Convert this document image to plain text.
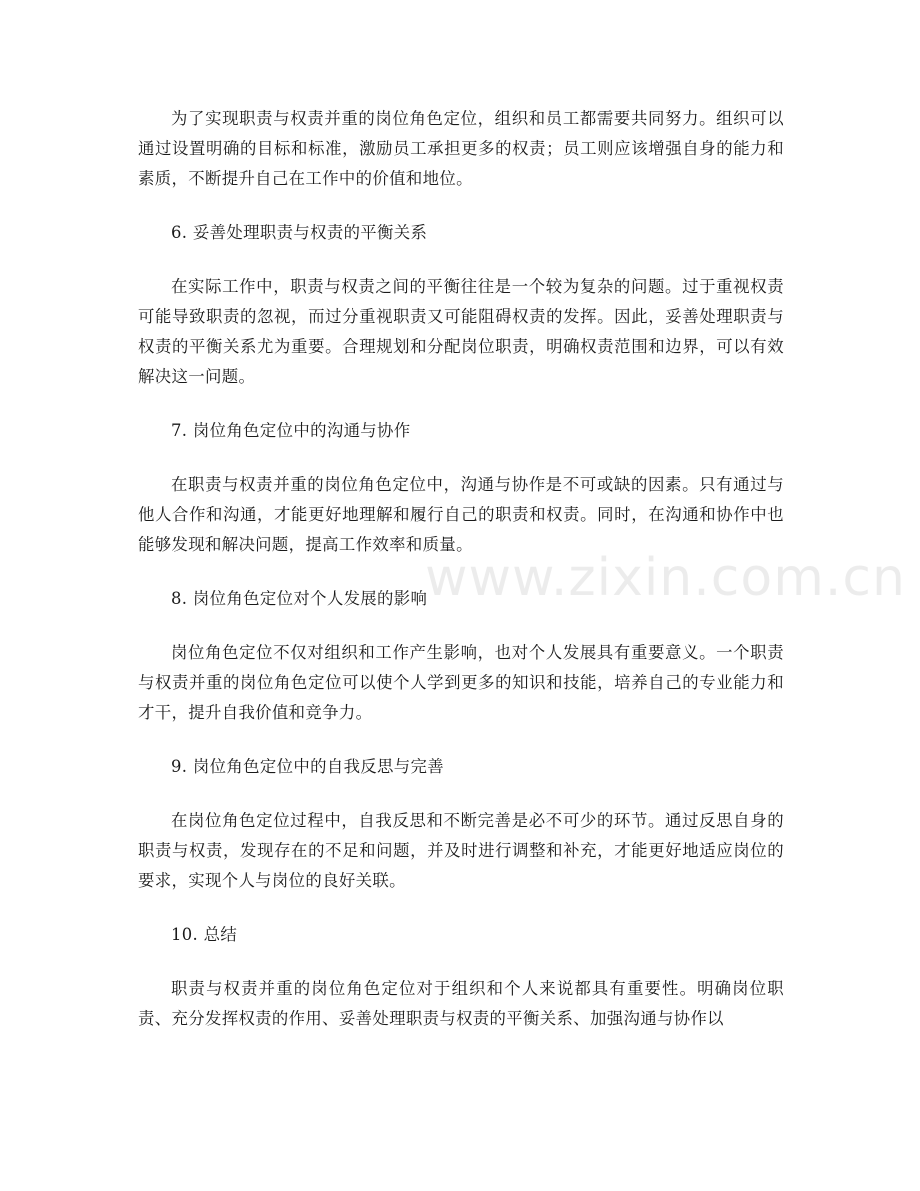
为了实现职责与权责并重的岗位角色定位，组织和员工都需要共同努力。组织可以通过设置明确的目标和标准，激励员工承担更多的权责；员工则应该增强自身的能力和素质，不断提升自己在工作中的价值和地位。

6. 妥善处理职责与权责的平衡关系

在实际工作中，职责与权责之间的平衡往往是一个较为复杂的问题。过于重视权责可能导致职责的忽视，而过分重视职责又可能阻碍权责的发挥。因此，妥善处理职责与权责的平衡关系尤为重要。合理规划和分配岗位职责，明确权责范围和边界，可以有效解决这一问题。

7. 岗位角色定位中的沟通与协作

在职责与权责并重的岗位角色定位中，沟通与协作是不可或缺的因素。只有通过与他人合作和沟通，才能更好地理解和履行自己的职责和权责。同时，在沟通和协作中也能够发现和解决问题，提高工作效率和质量。

8. 岗位角色定位对个人发展的影响

岗位角色定位不仅对组织和工作产生影响，也对个人发展具有重要意义。一个职责与权责并重的岗位角色定位可以使个人学到更多的知识和技能，培养自己的专业能力和才干，提升自我价值和竞争力。

9. 岗位角色定位中的自我反思与完善

在岗位角色定位过程中，自我反思和不断完善是必不可少的环节。通过反思自身的职责与权责，发现存在的不足和问题，并及时进行调整和补充，才能更好地适应岗位的要求，实现个人与岗位的良好关联。

10. 总结

职责与权责并重的岗位角色定位对于组织和个人来说都具有重要性。明确岗位职责、充分发挥权责的作用、妥善处理职责与权责的平衡关系、加强沟通与协作以

www.zixin.com.cn
